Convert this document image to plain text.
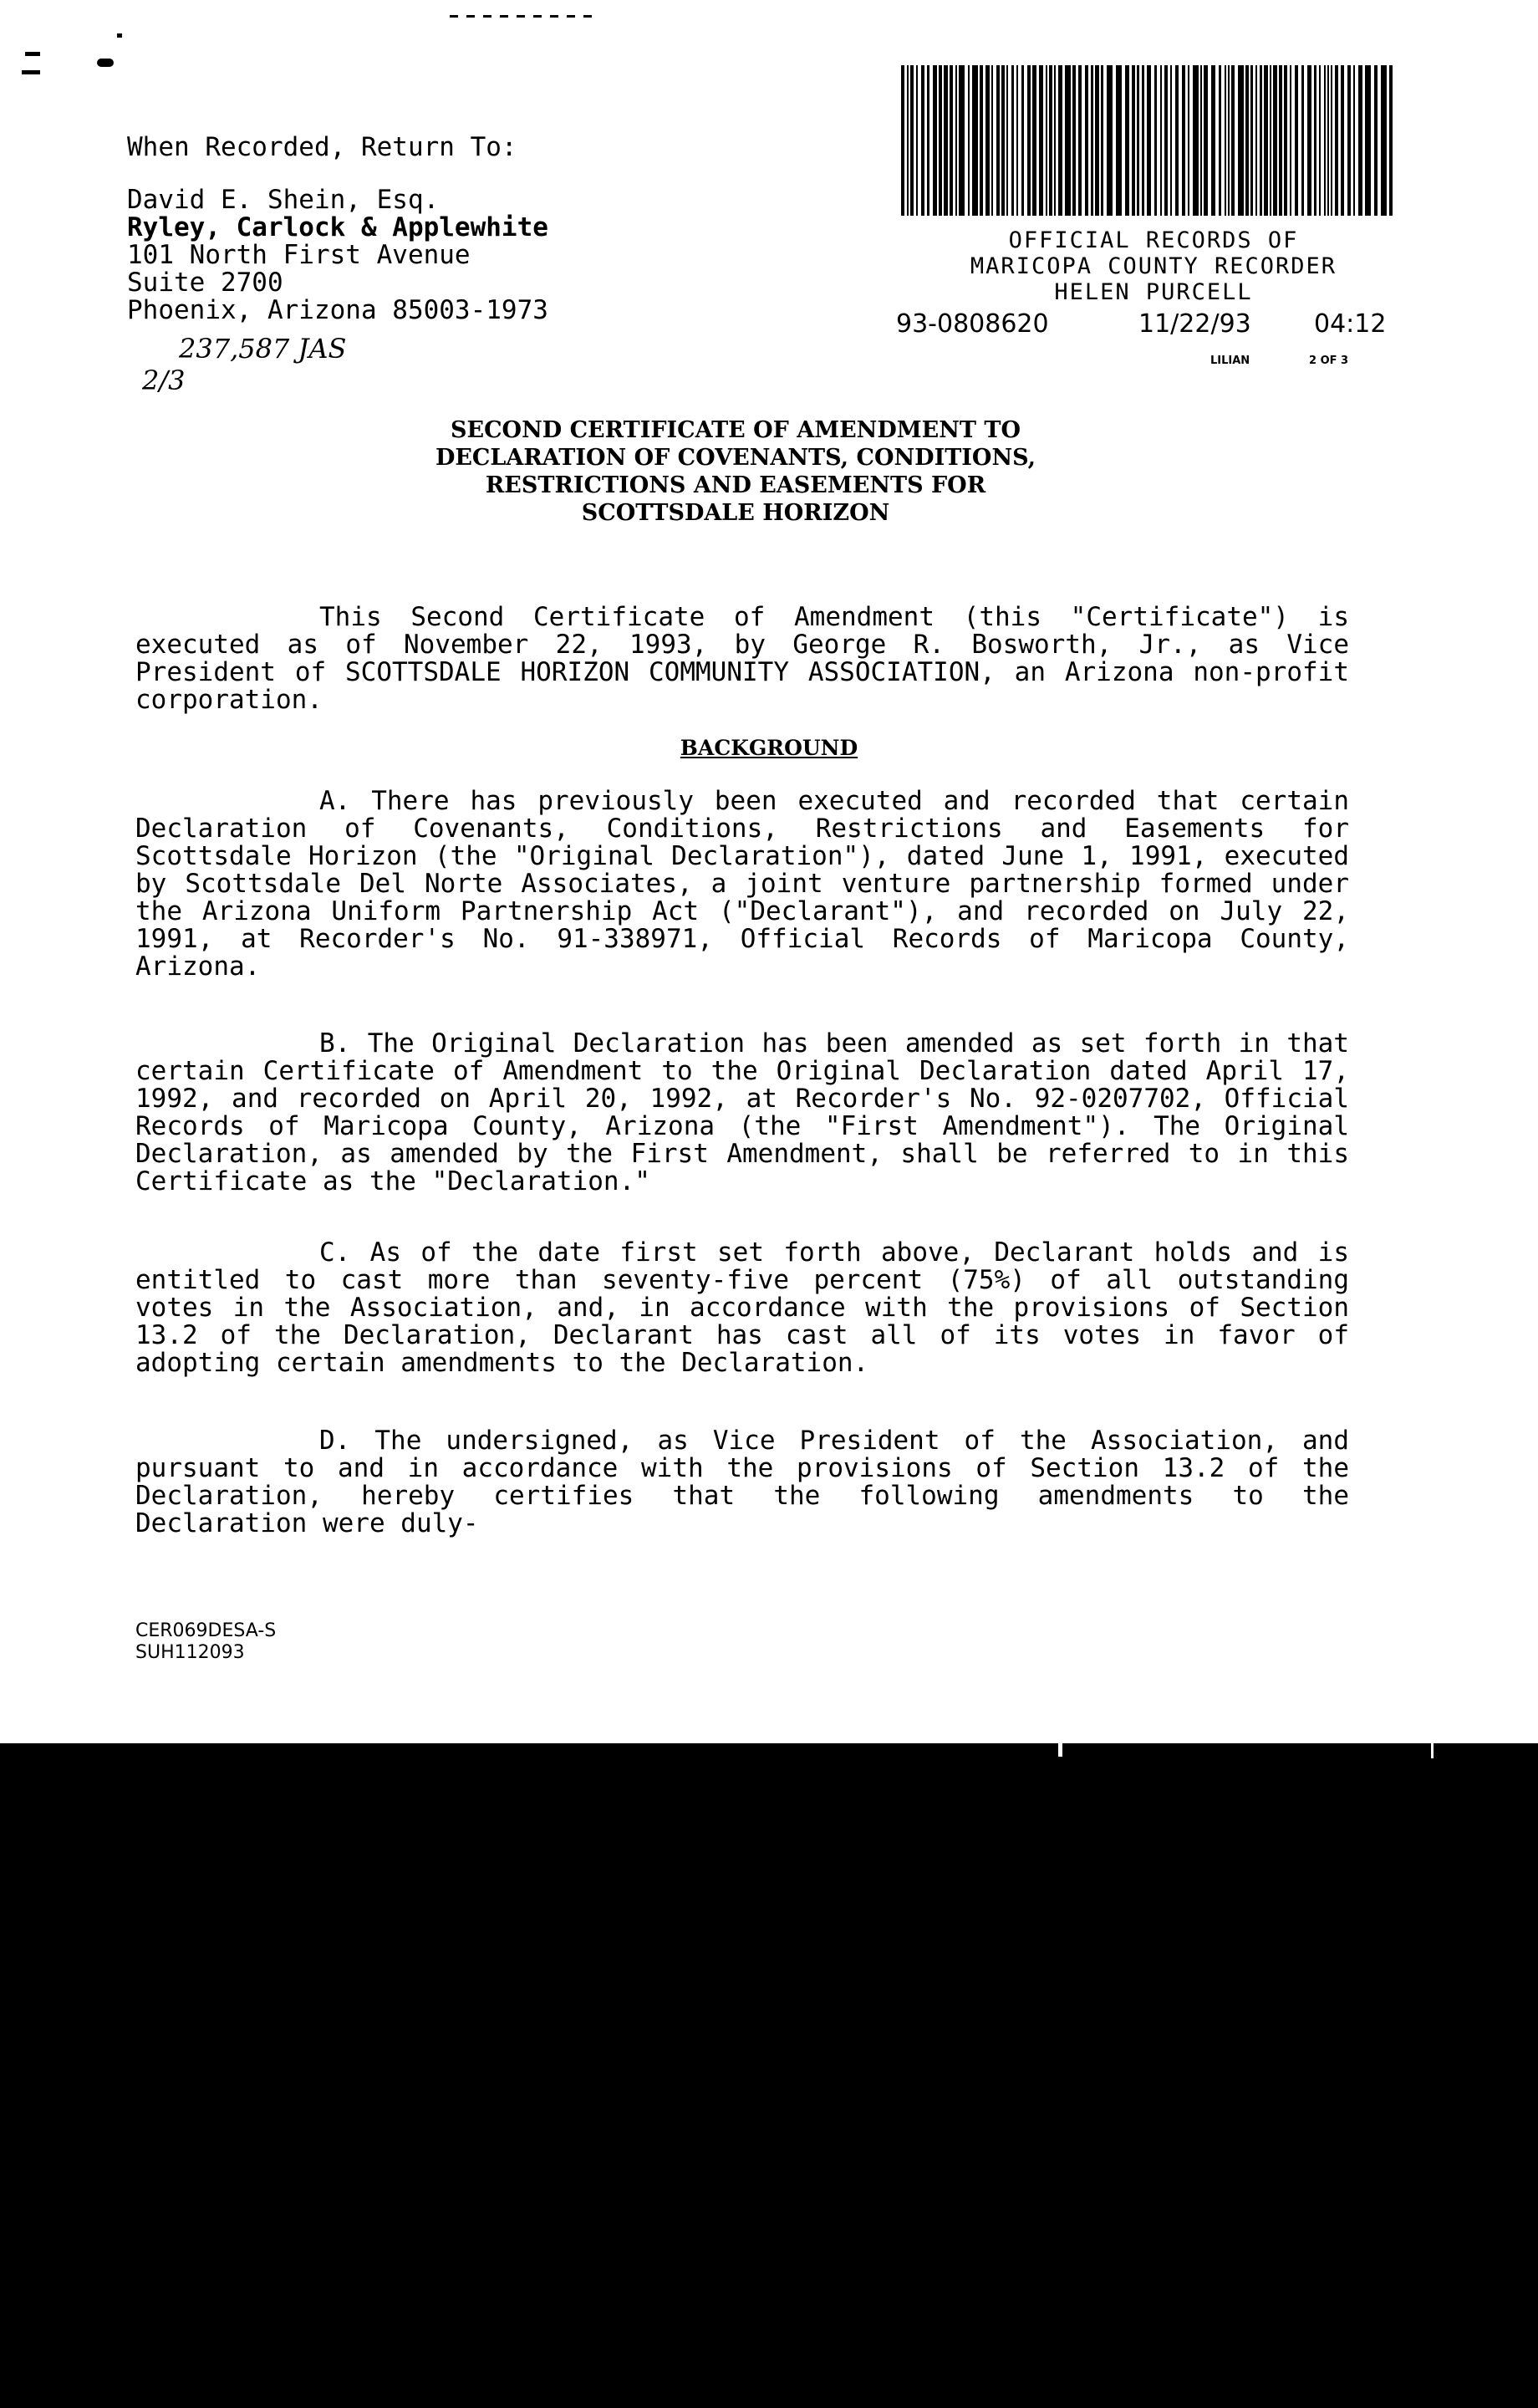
When Recorded, Return To:
David E. Shein, Esq.
Ryley, Carlock & Applewhite
101 North First Avenue
Suite 2700
Phoenix, Arizona 85003-1973
237,587 JAS
2/3
OFFICIAL RECORDS OF
MARICOPA COUNTY RECORDER
HELEN PURCELL
93-0808620	11/22/93	04:12
LILIAN	2 OF 3
SECOND CERTIFICATE OF AMENDMENT TO
DECLARATION OF COVENANTS, CONDITIONS,
RESTRICTIONS AND EASEMENTS FOR
SCOTTSDALE HORIZON

This Second Certificate of Amendment (this "Certificate") is executed as of November 22, 1993, by George R. Bosworth, Jr., as Vice President of SCOTTSDALE HORIZON COMMUNITY ASSOCIATION, an Arizona non-profit corporation.

BACKGROUND

A. There has previously been executed and recorded that certain Declaration of Covenants, Conditions, Restrictions and Easements for Scottsdale Horizon (the "Original Declaration"), dated June 1, 1991, executed by Scottsdale Del Norte Associates, a joint venture partnership formed under the Arizona Uniform Partnership Act ("Declarant"), and recorded on July 22, 1991, at Recorder's No. 91-338971, Official Records of Maricopa County, Arizona.

B. The Original Declaration has been amended as set forth in that certain Certificate of Amendment to the Original Declaration dated April 17, 1992, and recorded on April 20, 1992, at Recorder's No. 92-0207702, Official Records of Maricopa County, Arizona (the "First Amendment"). The Original Declaration, as amended by the First Amendment, shall be referred to in this Certificate as the "Declaration."

C. As of the date first set forth above, Declarant holds and is entitled to cast more than seventy-five percent (75%) of all outstanding votes in the Association, and, in accordance with the provisions of Section 13.2 of the Declaration, Declarant has cast all of its votes in favor of adopting certain amendments to the Declaration.

D. The undersigned, as Vice President of the Association, and pursuant to and in accordance with the provisions of Section 13.2 of the Declaration, hereby certifies that the following amendments to the Declaration were duly-

CER069DESA-S
SUH112093
